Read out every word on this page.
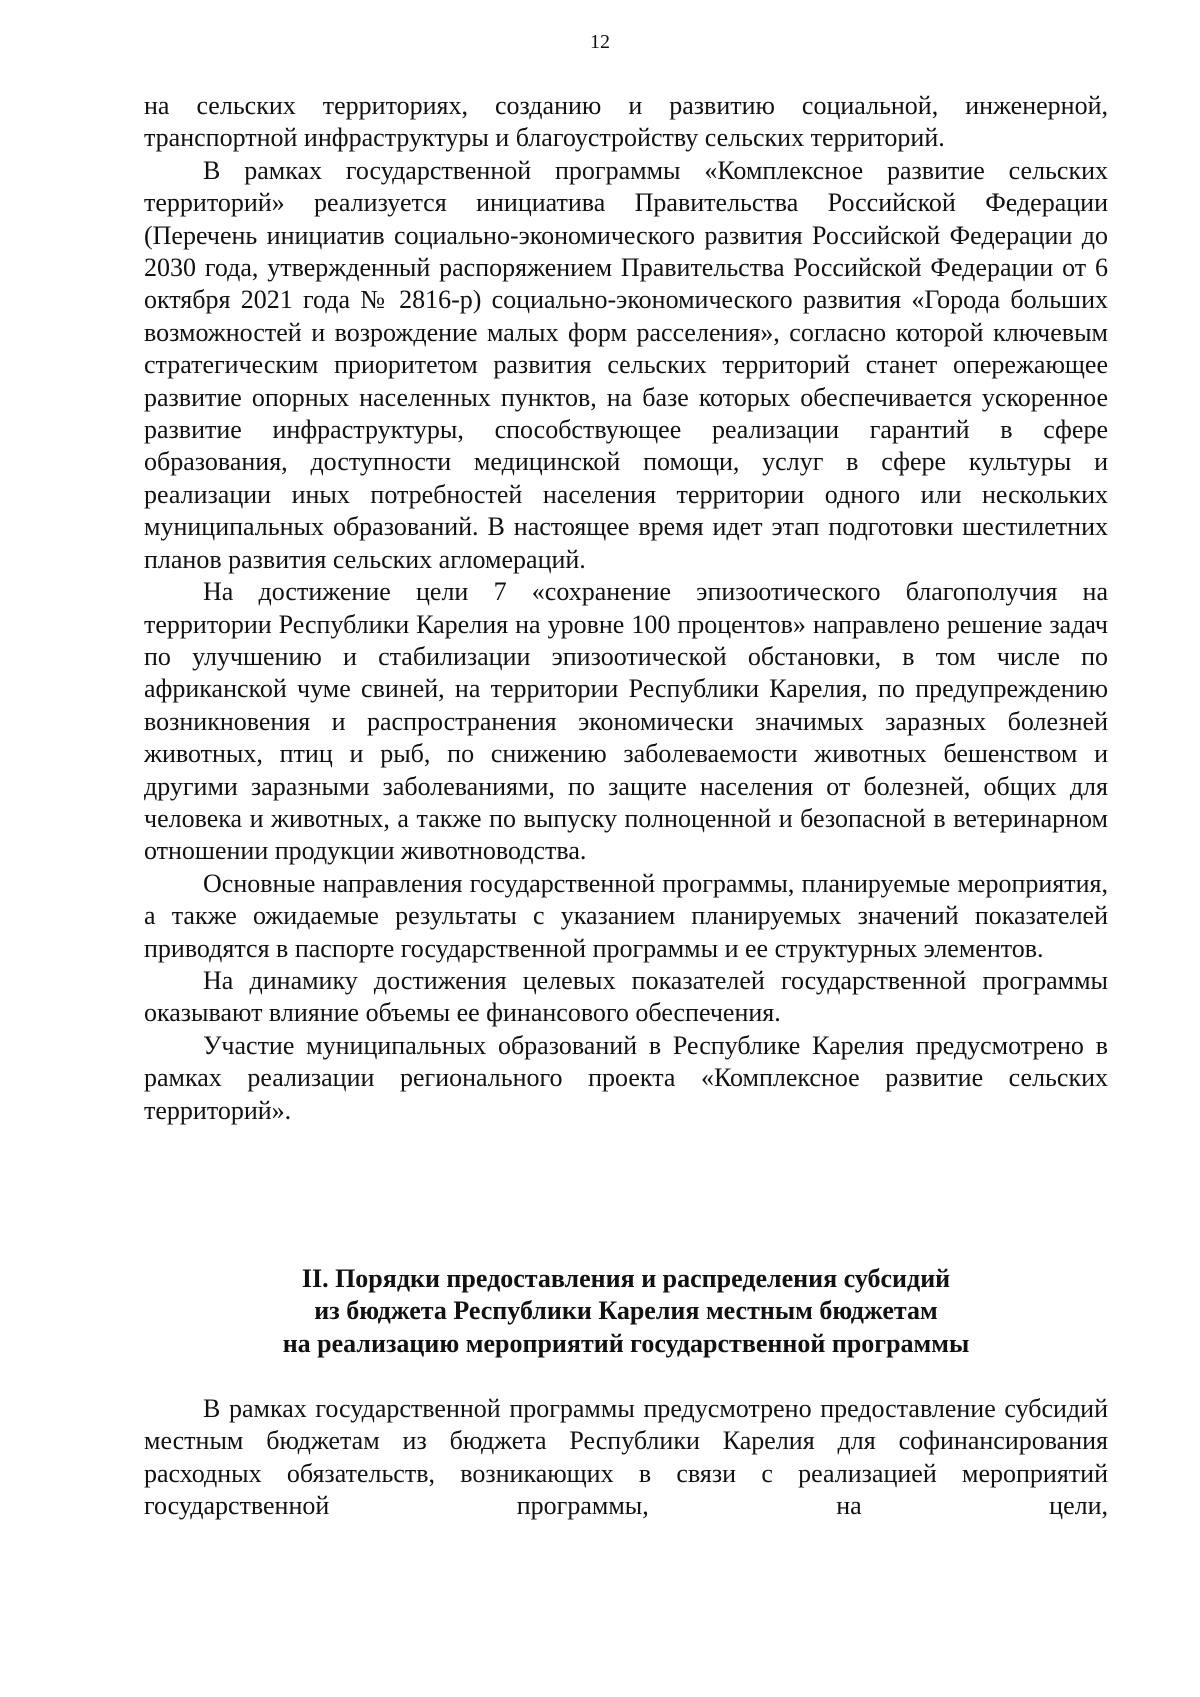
12

на сельских территориях, созданию и развитию социальной, инженерной, транспортной инфраструктуры и благоустройству сельских территорий.

В рамках государственной программы «Комплексное развитие сельских территорий» реализуется инициатива Правительства Российской Федерации (Перечень инициатив социально-экономического развития Российской Федерации до 2030 года, утвержденный распоряжением Правительства Российской Федерации от 6 октября 2021 года № 2816-р) социально-экономического развития «Города больших возможностей и возрождение малых форм расселения», согласно которой ключевым стратегическим приоритетом развития сельских территорий станет опережающее развитие опорных населенных пунктов, на базе которых обеспечивается ускоренное развитие инфраструктуры, способствующее реализации гарантий в сфере образования, доступности медицинской помощи, услуг в сфере культуры и реализации иных потребностей населения территории одного или нескольких муниципальных образований. В настоящее время идет этап подготовки шестилетних планов развития сельских агломераций.

На достижение цели 7 «сохранение эпизоотического благополучия на территории Республики Карелия на уровне 100 процентов» направлено решение задач по улучшению и стабилизации эпизоотической обстановки, в том числе по африканской чуме свиней, на территории Республики Карелия, по предупреждению возникновения и распространения экономически значимых заразных болезней животных, птиц и рыб, по снижению заболеваемости животных бешенством и другими заразными заболеваниями, по защите населения от болезней, общих для человека и животных, а также по выпуску полноценной и безопасной в ветеринарном отношении продукции животноводства.

Основные направления государственной программы, планируемые мероприятия, а также ожидаемые результаты с указанием планируемых значений показателей приводятся в паспорте государственной программы и ее структурных элементов.

На динамику достижения целевых показателей государственной программы оказывают влияние объемы ее финансового обеспечения.

Участие муниципальных образований в Республике Карелия предусмотрено в рамках реализации регионального проекта «Комплексное развитие сельских территорий».

II. Порядки предоставления и распределения субсидий
из бюджета Республики Карелия местным бюджетам
на реализацию мероприятий государственной программы

В рамках государственной программы предусмотрено предоставление субсидий местным бюджетам из бюджета Республики Карелия для софинансирования расходных обязательств, возникающих в связи с реализацией мероприятий государственной программы, на цели,
